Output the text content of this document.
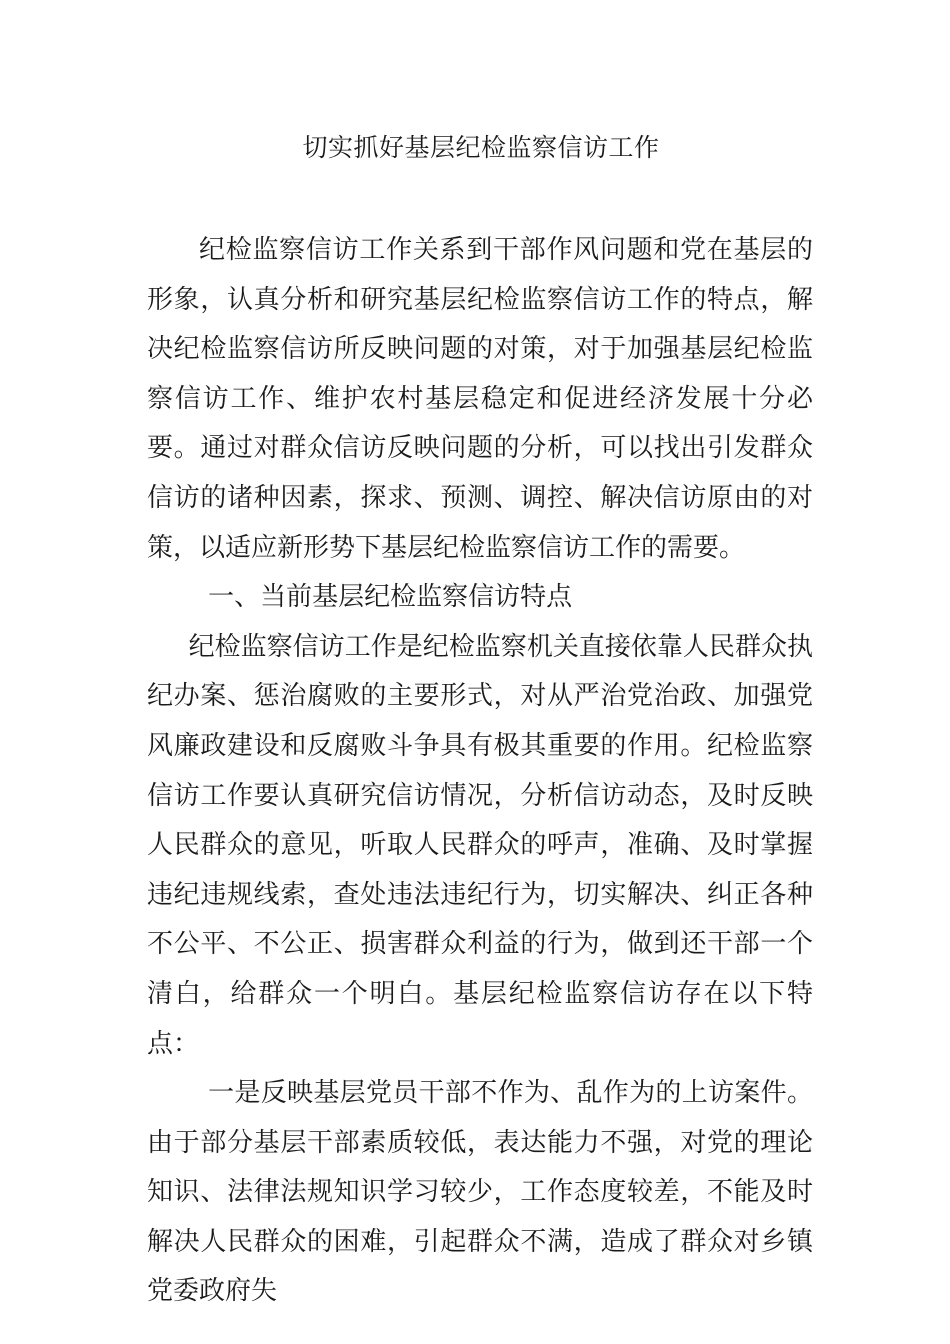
切实抓好基层纪检监察信访工作

纪检监察信访工作关系到干部作风问题和党在基层的形象，认真分析和研究基层纪检监察信访工作的特点，解决纪检监察信访所反映问题的对策，对于加强基层纪检监察信访工作、维护农村基层稳定和促进经济发展十分必要。通过对群众信访反映问题的分析，可以找出引发群众信访的诸种因素，探求、预测、调控、解决信访原由的对策，以适应新形势下基层纪检监察信访工作的需要。

一、当前基层纪检监察信访特点

纪检监察信访工作是纪检监察机关直接依靠人民群众执纪办案、惩治腐败的主要形式，对从严治党治政、加强党风廉政建设和反腐败斗争具有极其重要的作用。纪检监察信访工作要认真研究信访情况，分析信访动态，及时反映人民群众的意见，听取人民群众的呼声，准确、及时掌握违纪违规线索，查处违法违纪行为，切实解决、纠正各种不公平、不公正、损害群众利益的行为，做到还干部一个清白，给群众一个明白。基层纪检监察信访存在以下特点：

一是反映基层党员干部不作为、乱作为的上访案件。由于部分基层干部素质较低，表达能力不强，对党的理论知识、法律法规知识学习较少，工作态度较差，不能及时解决人民群众的困难，引起群众不满，造成了群众对乡镇党委政府失
